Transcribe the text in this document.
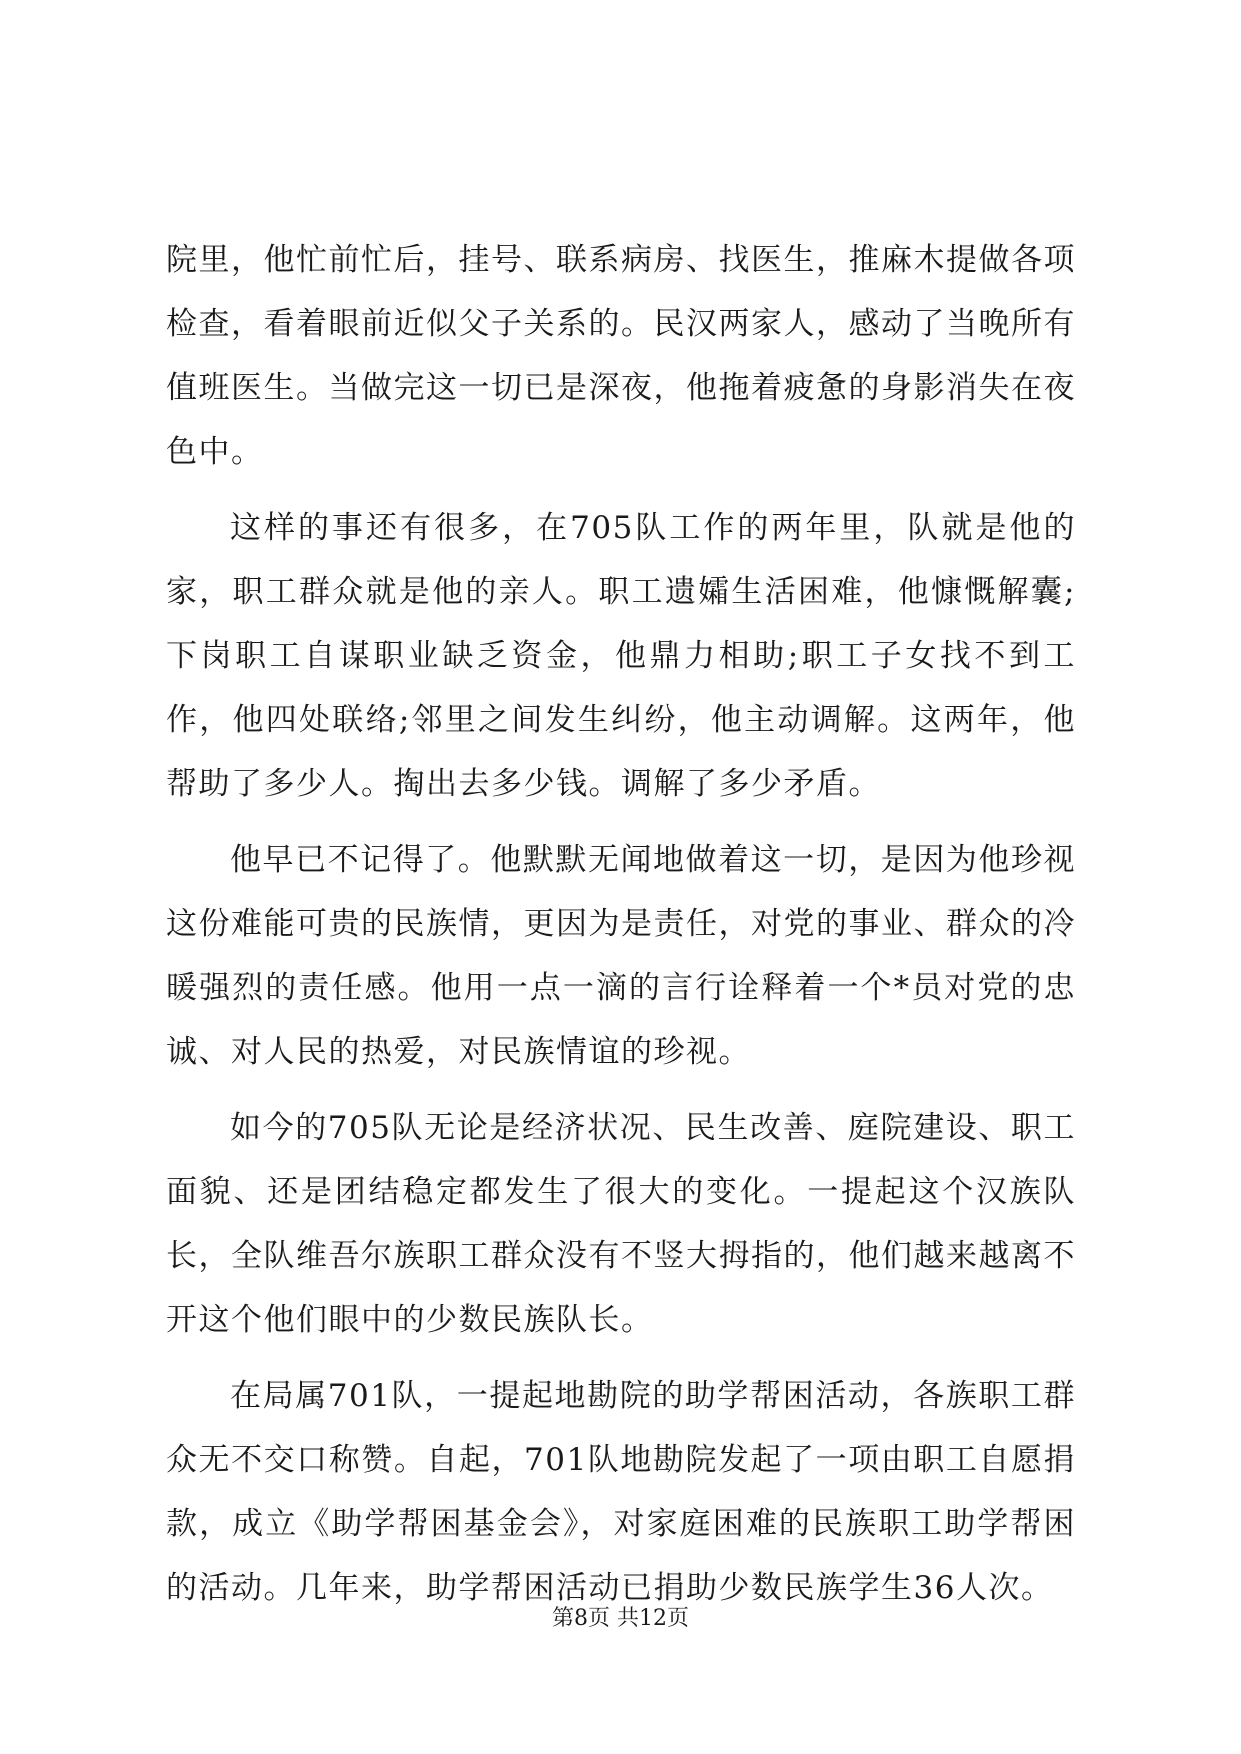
院里，他忙前忙后，挂号、联系病房、找医生，推麻木提做各项检查，看着眼前近似父子关系的。民汉两家人，感动了当晚所有值班医生。当做完这一切已是深夜，他拖着疲惫的身影消失在夜色中。

这样的事还有很多，在705队工作的两年里，队就是他的家，职工群众就是他的亲人。职工遗孀生活困难，他慷慨解囊;下岗职工自谋职业缺乏资金，他鼎力相助;职工子女找不到工作，他四处联络;邻里之间发生纠纷，他主动调解。这两年，他帮助了多少人。掏出去多少钱。调解了多少矛盾。

他早已不记得了。他默默无闻地做着这一切，是因为他珍视这份难能可贵的民族情，更因为是责任，对党的事业、群众的冷暖强烈的责任感。他用一点一滴的言行诠释着一个*员对党的忠诚、对人民的热爱，对民族情谊的珍视。

如今的705队无论是经济状况、民生改善、庭院建设、职工面貌、还是团结稳定都发生了很大的变化。一提起这个汉族队长，全队维吾尔族职工群众没有不竖大拇指的，他们越来越离不开这个他们眼中的少数民族队长。

在局属701队，一提起地勘院的助学帮困活动，各族职工群众无不交口称赞。自起，701队地勘院发起了一项由职工自愿捐款，成立《助学帮困基金会》，对家庭困难的民族职工助学帮困的活动。几年来，助学帮困活动已捐助少数民族学生36人次。

第8页 共12页
